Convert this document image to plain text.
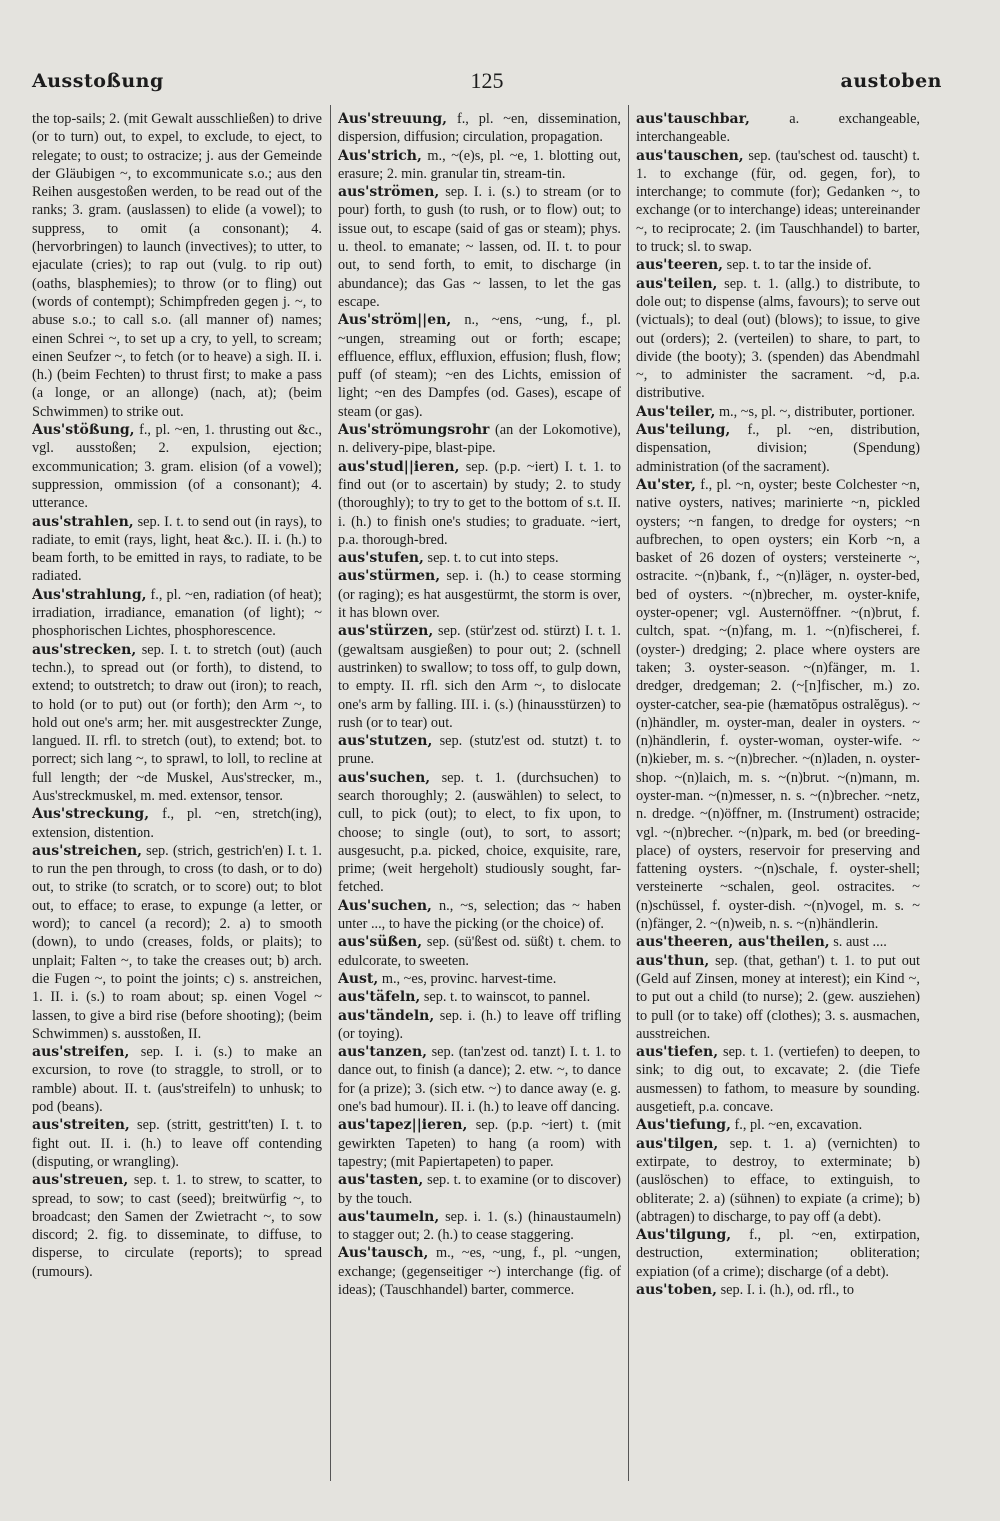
Ausstoßung	125	austoben
the top-sails; 2. (mit Gewalt ausschließen) to drive (or to turn) out, to expel, to exclude, to eject, to relegate; to oust; to ostracize; j. aus der Gemeinde der Gläubigen ~, to excommunicate s.o.; aus den Reihen ausgestoßen werden, to be read out of the ranks; 3. gram. (auslassen) to elide (a vowel); to suppress, to omit (a consonant); 4. (hervorbringen) to launch (invectives); to utter, to ejaculate (cries); to rap out (vulg. to rip out) (oaths, blasphemies); to throw (or to fling) out (words of contempt); Schimpfreden gegen j. ~, to abuse s.o.; to call s.o. (all manner of) names; einen Schrei ~, to set up a cry, to yell, to scream; einen Seufzer ~, to fetch (or to heave) a sigh. II. i. (h.) (beim Fechten) to thrust first; to make a pass (a longe, or an allonge) (nach, at); (beim Schwimmen) to strike out.
Aus'stößung, f., pl. ~en, 1. thrusting out &c., vgl. ausstoßen; 2. expulsion, ejection; excommunication; 3. gram. elision (of a vowel); suppression, ommission (of a consonant); 4. utterance.
aus'strahlen, sep. I. t. to send out (in rays), to radiate, to emit (rays, light, heat &c.). II. i. (h.) to beam forth, to be emitted in rays, to radiate, to be radiated.
Aus'strahlung, f., pl. ~en, radiation (of heat); irradiation, irradiance, emanation (of light); ~ phosphorischen Lichtes, phosphorescence.
aus'strecken, sep. I. t. to stretch (out) (auch techn.), to spread out (or forth), to distend, to extend; to outstretch; to draw out (iron); to reach, to hold (or to put) out (or forth); den Arm ~, to hold out one's arm; her. mit ausgestreckter Zunge, langued. II. rfl. to stretch (out), to extend; bot. to porrect; sich lang ~, to sprawl, to loll, to recline at full length; der ~de Muskel, Aus'strecker, m., Aus'streckmuskel, m. med. extensor, tensor.
Aus'streckung, f., pl. ~en, stretch(ing), extension, distention.
aus'streichen, sep. (strich, gestrich'en) I. t. 1. to run the pen through, to cross (to dash, or to do) out, to strike (to scratch, or to score) out; to blot out, to efface; to erase, to expunge (a letter, or word); to cancel (a record); 2. a) to smooth (down), to undo (creases, folds, or plaits); to unplait; Falten ~, to take the creases out; b) arch. die Fugen ~, to point the joints; c) s. anstreichen, 1. II. i. (s.) to roam about; sp. einen Vogel ~ lassen, to give a bird rise (before shooting); (beim Schwimmen) s. ausstoßen, II.
aus'streifen, sep. I. i. (s.) to make an excursion, to rove (to straggle, to stroll, or to ramble) about. II. t. (aus'streifeln) to unhusk; to pod (beans).
aus'streiten, sep. (stritt, gestritt'ten) I. t. to fight out. II. i. (h.) to leave off contending (disputing, or wrangling).
aus'streuen, sep. t. 1. to strew, to scatter, to spread, to sow; to cast (seed); breitwürfig ~, to broadcast; den Samen der Zwietracht ~, to sow discord; 2. fig. to disseminate, to diffuse, to disperse, to circulate (reports); to spread (rumours).
Aus'streuung, f., pl. ~en, dissemination, dispersion, diffusion; circulation, propagation.
Aus'strich, m., ~(e)s, pl. ~e, 1. blotting out, erasure; 2. min. granular tin, stream-tin.
aus'strömen, sep. I. i. (s.) to stream (or to pour) forth, to gush (to rush, or to flow) out; to issue out, to escape (said of gas or steam); phys. u. theol. to emanate; ~ lassen, od. II. t. to pour out, to send forth, to emit, to discharge (in abundance); das Gas ~ lassen, to let the gas escape.
Aus'ström||en, n., ~ens, ~ung, f., pl. ~ungen, streaming out or forth; escape; effluence, efflux, effluxion, effusion; flush, flow; puff (of steam); ~en des Lichts, emission of light; ~en des Dampfes (od. Gases), escape of steam (or gas).
Aus'strömungsrohr (an der Lokomotive), n. delivery-pipe, blast-pipe.
aus'stud||ieren, sep. (p.p. ~iert) I. t. 1. to find out (or to ascertain) by study; 2. to study (thoroughly); to try to get to the bottom of s.t. II. i. (h.) to finish one's studies; to graduate. ~iert, p.a. thorough-bred.
aus'stufen, sep. t. to cut into steps.
aus'stürmen, sep. i. (h.) to cease storming (or raging); es hat ausgestürmt, the storm is over, it has blown over.
aus'stürzen, sep. (stür'zest od. stürzt) I. t. 1. (gewaltsam ausgießen) to pour out; 2. (schnell austrinken) to swallow; to toss off, to gulp down, to empty. II. rfl. sich den Arm ~, to dislocate one's arm by falling. III. i. (s.) (hinausstürzen) to rush (or to tear) out.
aus'stutzen, sep. (stutz'est od. stutzt) t. to prune.
aus'suchen, sep. t. 1. (durchsuchen) to search thoroughly; 2. (auswählen) to select, to cull, to pick (out); to elect, to fix upon, to choose; to single (out), to sort, to assort; ausgesucht, p.a. picked, choice, exquisite, rare, prime; (weit hergeholt) studiously sought, far-fetched.
Aus'suchen, n., ~s, selection; das ~ haben unter ..., to have the picking (or the choice) of.
aus'süßen, sep. (sü'ßest od. süßt) t. chem. to edulcorate, to sweeten.
Aust, m., ~es, provinc. harvest-time.
aus'täfeln, sep. t. to wainscot, to pannel.
aus'tändeln, sep. i. (h.) to leave off trifling (or toying).
aus'tanzen, sep. (tan'zest od. tanzt) I. t. 1. to dance out, to finish (a dance); 2. etw. ~, to dance for (a prize); 3. (sich etw. ~) to dance away (e. g. one's bad humour). II. i. (h.) to leave off dancing.
aus'tapez||ieren, sep. (p.p. ~iert) t. (mit gewirkten Tapeten) to hang (a room) with tapestry; (mit Papiertapeten) to paper.
aus'tasten, sep. t. to examine (or to discover) by the touch.
aus'taumeln, sep. i. 1. (s.) (hinaustaumeln) to stagger out; 2. (h.) to cease staggering.
Aus'tausch, m., ~es, ~ung, f., pl. ~ungen, exchange; (gegenseitiger ~) interchange (fig. of ideas); (Tauschhandel) barter, commerce.
aus'tauschbar,	a. exchangeable, interchangeable.
aus'tauschen, sep. (tau'schest od. tauscht) t. 1. to exchange (für, od. gegen, for), to interchange; to commute (for); Gedanken ~, to exchange (or to interchange) ideas; untereinander ~, to reciprocate; 2. (im Tauschhandel) to barter, to truck; sl. to swap.
aus'teeren, sep. t. to tar the inside of.
aus'teilen, sep. t. 1. (allg.) to distribute, to dole out; to dispense (alms, favours); to serve out (victuals); to deal (out) (blows); to issue, to give out (orders); 2. (verteilen) to share, to part, to divide (the booty); 3. (spenden) das Abendmahl ~, to administer the sacrament. ~d, p.a. distributive.
Aus'teiler, m., ~s, pl. ~, distributer, portioner.
Aus'teilung, f., pl. ~en, distribution, dispensation, division; (Spendung) administration (of the sacrament).
Au'ster, f., pl. ~n, oyster; beste Colchester ~n, native oysters, natives; marinierte ~n, pickled oysters; ~n fangen, to dredge for oysters; ~n aufbrechen, to open oysters; ein Korb ~n, a basket of 26 dozen of oysters; versteinerte ~, ostracite. ~(n)bank, f., ~(n)läger, n. oyster-bed, bed of oysters. ~(n)brecher, m. oyster-knife, oyster-opener; vgl. Austernöffner. ~(n)brut, f. cultch, spat. ~(n)fang, m. 1. ~(n)fischerei, f. (oyster-) dredging; 2. place where oysters are taken; 3. oyster-season. ~(n)fänger, m. 1. dredger, dredgeman; 2. (~[n]fischer, m.) zo. oyster-catcher, sea-pie (hæmatŏpus ostralĕgus). ~(n)händler, m. oyster-man, dealer in oysters. ~(n)händlerin, f. oyster-woman, oyster-wife. ~(n)kieber, m. s. ~(n)brecher. ~(n)laden, n. oyster-shop. ~(n)laich, m. s. ~(n)brut. ~(n)mann, m. oyster-man. ~(n)messer, n. s. ~(n)brecher. ~netz, n. dredge. ~(n)öffner, m. (Instrument) ostracide; vgl. ~(n)brecher. ~(n)park, m. bed (or breeding-place) of oysters, reservoir for preserving and fattening oysters. ~(n)schale, f. oyster-shell; versteinerte ~schalen, geol. ostracites. ~(n)schüssel, f. oyster-dish. ~(n)vogel, m. s. ~(n)fänger, 2. ~(n)weib, n. s. ~(n)händlerin.
aus'theeren, aus'theilen, s. aust ....
aus'thun, sep. (that, gethan') t. 1. to put out (Geld auf Zinsen, money at interest); ein Kind ~, to put out a child (to nurse); 2. (gew. ausziehen) to pull (or to take) off (clothes); 3. s. ausmachen, ausstreichen.
aus'tiefen, sep. t. 1. (vertiefen) to deepen, to sink; to dig out, to excavate; 2. (die Tiefe ausmessen) to fathom, to measure by sounding. ausgetieft, p.a. concave.
Aus'tiefung, f., pl. ~en, excavation.
aus'tilgen, sep. t. 1. a) (vernichten) to extirpate, to destroy, to exterminate; b) (auslöschen) to efface, to extinguish, to obliterate; 2. a) (sühnen) to expiate (a crime); b) (abtragen) to discharge, to pay off (a debt).
Aus'tilgung, f., pl. ~en, extirpation, destruction, extermination; obliteration; expiation (of a crime); discharge (of a debt).
aus'toben, sep. I. i. (h.), od. rfl., to
